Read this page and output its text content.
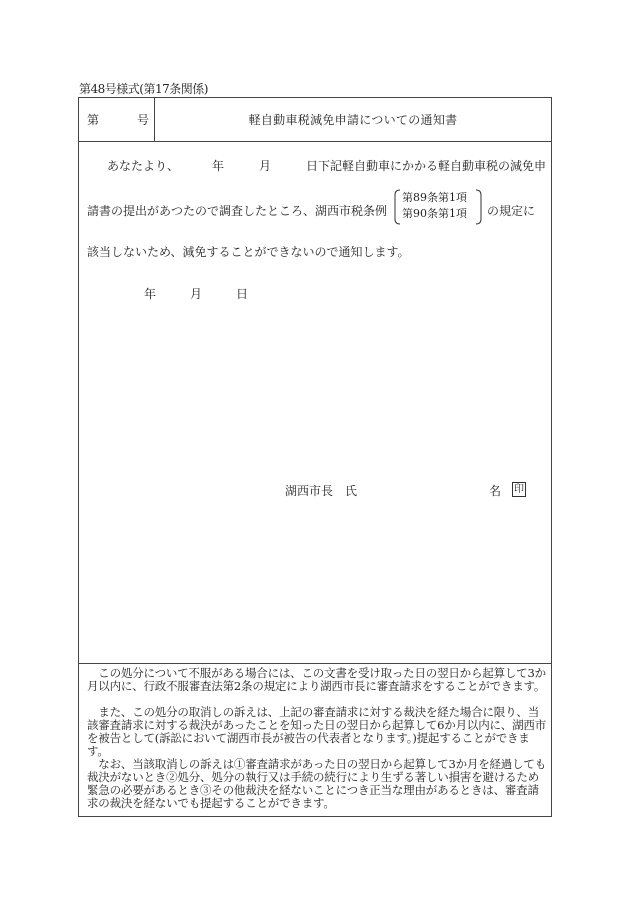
第48号様式(第17条関係)
第	号	軽自動車税減免申請についての通知書
あなたより、	年	月	日下記軽自動車にかかる軽自動車税の減免申
請書の提出があつたので調査したところ、湖西市税条例
第89条第1項
第90条第1項 の規定に
該当しないため、減免することができないので通知します。
年	月	日
湖西市長　氏	名 印

　この処分について不服がある場合には、この文書を受け取った日の翌日から起算して3か月以内に、行政不服審査法第2条の規定により湖西市長に審査請求をすることができます。

　また、この処分の取消しの訴えは、上記の審査請求に対する裁決を経た場合に限り、当該審査請求に対する裁決があったことを知った日の翌日から起算して6か月以内に、湖西市を被告として(訴訟において湖西市長が被告の代表者となります。)提起することができます。

　なお、当該取消しの訴えは①審査請求があった日の翌日から起算して3か月を経過しても裁決がないとき②処分、処分の執行又は手続の続行により生ずる著しい損害を避けるため緊急の必要があるとき③その他裁決を経ないことにつき正当な理由があるときは、審査請求の裁決を経ないでも提起することができます。
